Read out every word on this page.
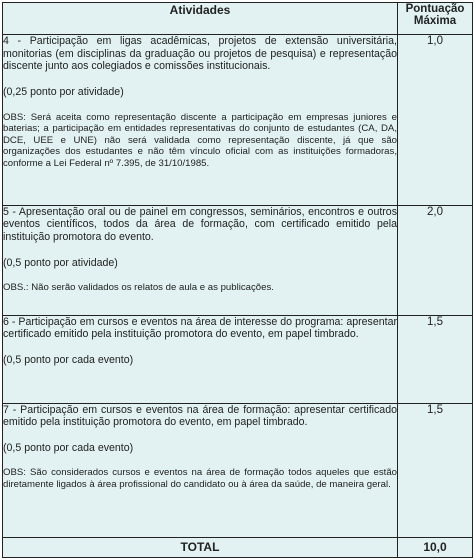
Atividades	Pontuação
Máxima

4 - Participação em ligas acadêmicas, projetos de extensão universitária, monitorias (em disciplinas da graduação ou projetos de pesquisa) e representação discente junto aos colegiados e comissões institucionais.

(0,25 ponto por atividade)

OBS: Será aceita como representação discente a participação em empresas juniores e baterias; a participação em entidades representativas do conjunto de estudantes (CA, DA, DCE, UEE e UNE) não será validada como representação discente, já que são organizações dos estudantes e não têm vínculo oficial com as instituições formadoras, conforme a Lei Federal nº 7.395, de 31/10/1985.	1,0

5 - Apresentação oral ou de painel em congressos, seminários, encontros e outros eventos científicos, todos da área de formação, com certificado emitido pela instituição promotora do evento.

(0,5 ponto por atividade)

OBS.: Não serão validados os relatos de aula e as publicações.	2,0

6 - Participação em cursos e eventos na área de interesse do programa: apresentar certificado emitido pela instituição promotora do evento, em papel timbrado.

(0,5 ponto por cada evento)	1,5

7 - Participação em cursos e eventos na área de formação: apresentar certificado emitido pela instituição promotora do evento, em papel timbrado.

(0,5 ponto por cada evento)

OBS: São considerados cursos e eventos na área de formação todos aqueles que estão diretamente ligados à área profissional do candidato ou à área da saúde, de maneira geral.	1,5
TOTAL	10,0
